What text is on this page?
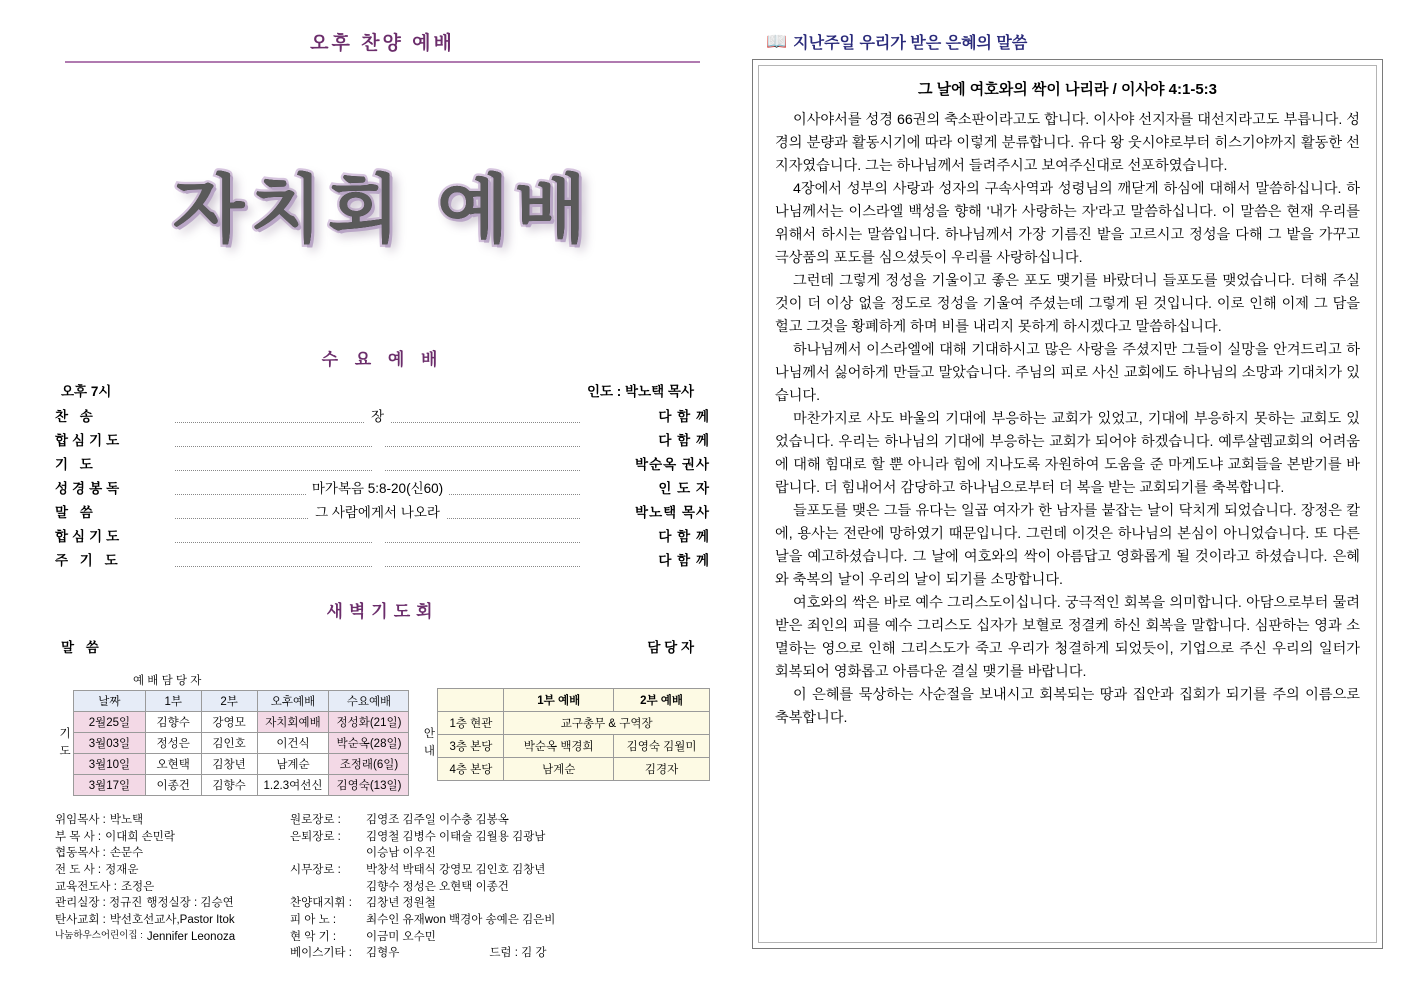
오후 찬양 예배
자치회 예배
수 요 예 배
오후 7시	인도 : 박노택 목사
찬 송	장	다 함 께
합심기도		다 함 께
기 도		박순옥 권사
성경봉독	마가복음 5:8-20(신60)	인 도 자
말 씀	그 사람에게서 나오라	박노택 목사
합심기도		다 함 께
주 기 도		다 함 께
새벽기도회
말 씀	담 당 자
기도
예 배 담 당 자
날짜	1부	2부	오후예배	수요예배
2월25일	김향수	강영모	자치회예배	정성화(21일)
3월03일	정성은	김인호	이건식	박순옥(28일)
3월10일	오현택	김창년	남계순	조정래(6일)
3월17일	이종건	김향수	1.2.3여선신	김영숙(13일)
안내
	1부 예배	2부 예배
1층 현관	교구총무 & 구역장	
3층 본당	박순옥 백경희	김영숙 김월미
4층 본당	남계순	김경자
위임목사 : 박노택
부 목 사 : 이대희 손민락
협동목사 : 손문수
전 도 사 : 정재운
교육전도사 : 조정은
관리실장 : 정규진 행정실장 : 김승연
탄사교회 : 박선호선교사,Pastor Itok
나눔하우스어린이집 : Jennifer Leonoza
원로장로 :	김영조 김주일 이수충 김봉옥
은퇴장로 :	김영철 김병수 이태술 김월용 김광남
이승남 이우진
시무장로 :	박창석 박태식 강영모 김인호 김창년
김향수 정성은 오현택 이종건
찬양대지휘 :	김창년 정원철
피 아 노 :	최수인 유재won 백경아 송예은 김은비
현 악 기 :	이금미 오수민
베이스기타 :	김형우	드럼 : 김 강
📖 지난주일 우리가 받은 은혜의 말씀
그 날에 여호와의 싹이 나리라 / 이사야 4:1-5:3

이사야서를 성경 66권의 축소판이라고도 합니다. 이사야 선지자를 대선지라고도 부릅니다. 성경의 분량과 활동시기에 따라 이렇게 분류합니다. 유다 왕 웃시야로부터 히스기야까지 활동한 선지자였습니다. 그는 하나님께서 들려주시고 보여주신대로 선포하였습니다.

4장에서 성부의 사랑과 성자의 구속사역과 성령님의 깨닫게 하심에 대해서 말씀하십니다. 하나님께서는 이스라엘 백성을 향해 '내가 사랑하는 자'라고 말씀하십니다. 이 말씀은 현재 우리를 위해서 하시는 말씀입니다. 하나님께서 가장 기름진 밭을 고르시고 정성을 다해 그 밭을 가꾸고 극상품의 포도를 심으셨듯이 우리를 사랑하십니다.

그런데 그렇게 정성을 기울이고 좋은 포도 맺기를 바랐더니 들포도를 맺었습니다. 더해 주실 것이 더 이상 없을 정도로 정성을 기울여 주셨는데 그렇게 된 것입니다. 이로 인해 이제 그 담을 헐고 그것을 황폐하게 하며 비를 내리지 못하게 하시겠다고 말씀하십니다.

하나님께서 이스라엘에 대해 기대하시고 많은 사랑을 주셨지만 그들이 실망을 안겨드리고 하나님께서 싫어하게 만들고 말았습니다. 주님의 피로 사신 교회에도 하나님의 소망과 기대치가 있습니다.

마찬가지로 사도 바울의 기대에 부응하는 교회가 있었고, 기대에 부응하지 못하는 교회도 있었습니다. 우리는 하나님의 기대에 부응하는 교회가 되어야 하겠습니다. 예루살렘교회의 어려움에 대해 힘대로 할 뿐 아니라 힘에 지나도록 자원하여 도움을 준 마게도냐 교회들을 본받기를 바랍니다. 더 힘내어서 감당하고 하나님으로부터 더 복을 받는 교회되기를 축복합니다.

들포도를 맺은 그들 유다는 일곱 여자가 한 남자를 붙잡는 날이 닥치게 되었습니다. 장정은 칼에, 용사는 전란에 망하였기 때문입니다. 그런데 이것은 하나님의 본심이 아니었습니다. 또 다른 날을 예고하셨습니다. 그 날에 여호와의 싹이 아름답고 영화롭게 될 것이라고 하셨습니다. 은혜와 축복의 날이 우리의 날이 되기를 소망합니다.

여호와의 싹은 바로 예수 그리스도이십니다. 궁극적인 회복을 의미합니다. 아담으로부터 물려받은 죄인의 피를 예수 그리스도 십자가 보혈로 정결케 하신 회복을 말합니다. 심판하는 영과 소멸하는 영으로 인해 그리스도가 죽고 우리가 청결하게 되었듯이, 기업으로 주신 우리의 일터가 회복되어 영화롭고 아름다운 결실 맺기를 바랍니다.

이 은혜를 묵상하는 사순절을 보내시고 회복되는 땅과 집안과 집회가 되기를 주의 이름으로 축복합니다.
